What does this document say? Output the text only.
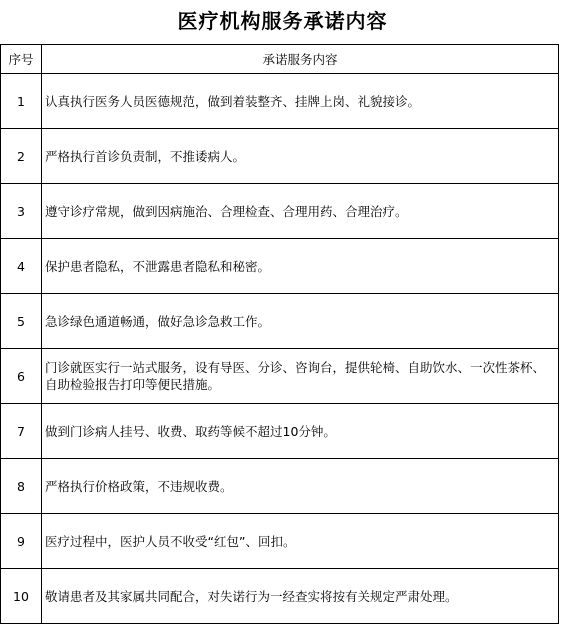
医疗机构服务承诺内容
序号	承诺服务内容
1	认真执行医务人员医德规范，做到着装整齐、挂牌上岗、礼貌接诊。
2	严格执行首诊负责制，不推诿病人。
3	遵守诊疗常规，做到因病施治、合理检查、合理用药、合理治疗。
4	保护患者隐私，不泄露患者隐私和秘密。
5	急诊绿色通道畅通，做好急诊急救工作。
6	门诊就医实行一站式服务，设有导医、分诊、咨询台，提供轮椅、自助饮水、一次性茶杯、自助检验报告打印等便民措施。
7	做到门诊病人挂号、收费、取药等候不超过10分钟。
8	严格执行价格政策，不违规收费。
9	医疗过程中，医护人员不收受“红包”、回扣。
10	敬请患者及其家属共同配合，对失诺行为一经查实将按有关规定严肃处理。
